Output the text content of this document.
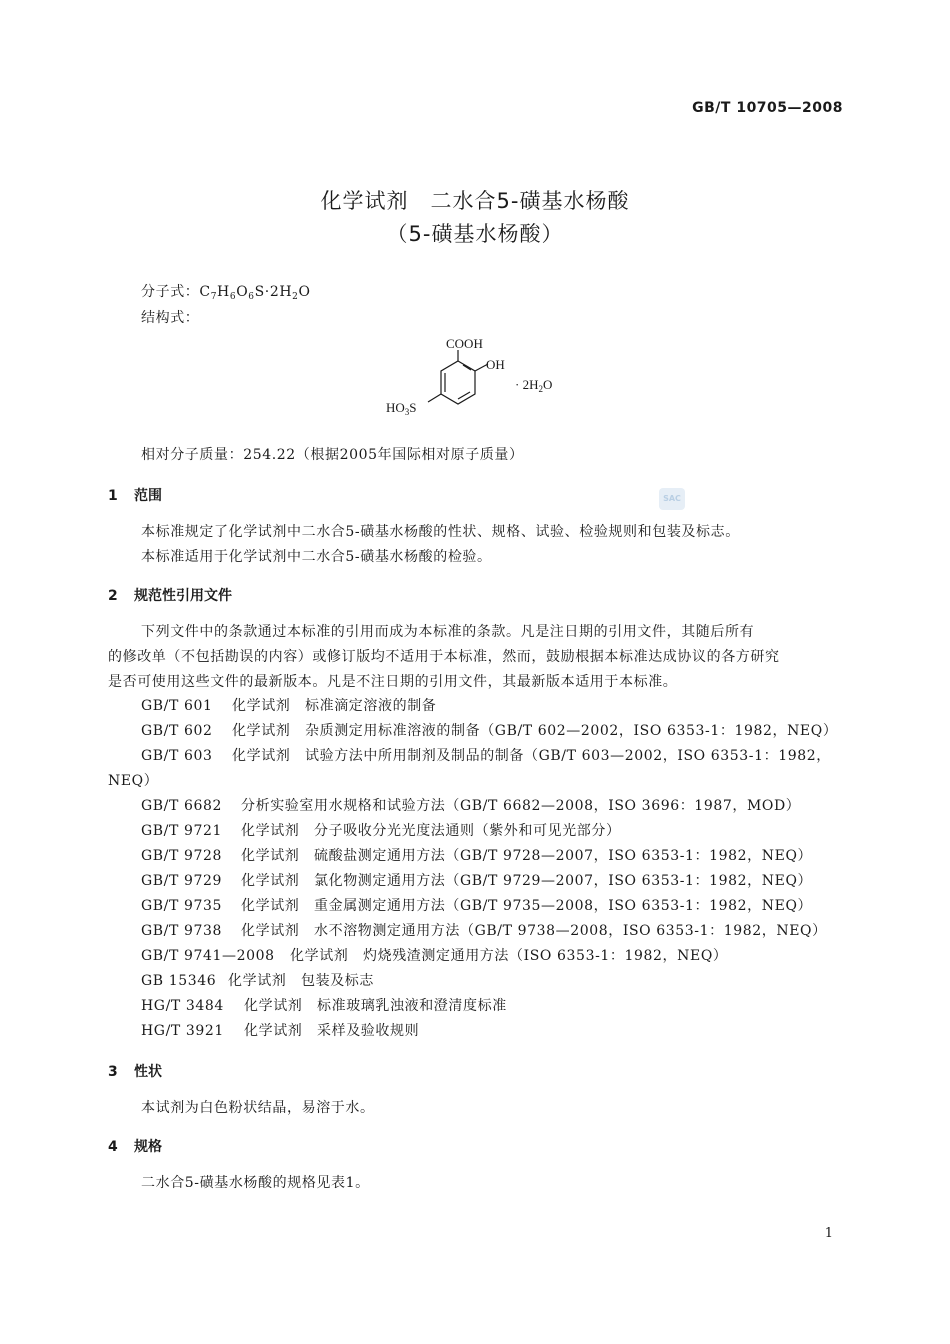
GB/T 10705—2008
化学试剂　二水合5-磺基水杨酸
（5-磺基水杨酸）
分子式：$C_7H_6O_6S\cdot 2H_2O$
结构式：
COOH
OH
$HO_3S$
· $2H_2O$
相对分子质量：254.22（根据2005年国际相对原子质量）
SAC
1 范围
本标准规定了化学试剂中二水合5-磺基水杨酸的性状、规格、试验、检验规则和包装及标志。
本标准适用于化学试剂中二水合5-磺基水杨酸的检验。
2 规范性引用文件
下列文件中的条款通过本标准的引用而成为本标准的条款。凡是注日期的引用文件，其随后所有
的修改单（不包括勘误的内容）或修订版均不适用于本标准，然而，鼓励根据本标准达成协议的各方研究
是否可使用这些文件的最新版本。凡是不注日期的引用文件，其最新版本适用于本标准。
GB/T 601 化学试剂　标准滴定溶液的制备
GB/T 602 化学试剂　杂质测定用标准溶液的制备（GB/T 602—2002，ISO 6353-1：1982，NEQ）
GB/T 603 化学试剂　试验方法中所用制剂及制品的制备（GB/T 603—2002，ISO 6353-1：1982，
NEQ）
GB/T 6682 分析实验室用水规格和试验方法（GB/T 6682—2008，ISO 3696：1987，MOD）
GB/T 9721 化学试剂　分子吸收分光光度法通则（紫外和可见光部分）
GB/T 9728 化学试剂　硫酸盐测定通用方法（GB/T 9728—2007，ISO 6353-1：1982，NEQ）
GB/T 9729 化学试剂　氯化物测定通用方法（GB/T 9729—2007，ISO 6353-1：1982，NEQ）
GB/T 9735 化学试剂　重金属测定通用方法（GB/T 9735—2008，ISO 6353-1：1982，NEQ）
GB/T 9738 化学试剂　水不溶物测定通用方法（GB/T 9738—2008，ISO 6353-1：1982，NEQ）
GB/T 9741—2008 化学试剂　灼烧残渣测定通用方法（ISO 6353-1：1982，NEQ）
GB 15346 化学试剂　包装及标志
HG/T 3484 化学试剂　标准玻璃乳浊液和澄清度标准
HG/T 3921 化学试剂　采样及验收规则
3 性状
本试剂为白色粉状结晶，易溶于水。
4 规格
二水合5-磺基水杨酸的规格见表1。
1
